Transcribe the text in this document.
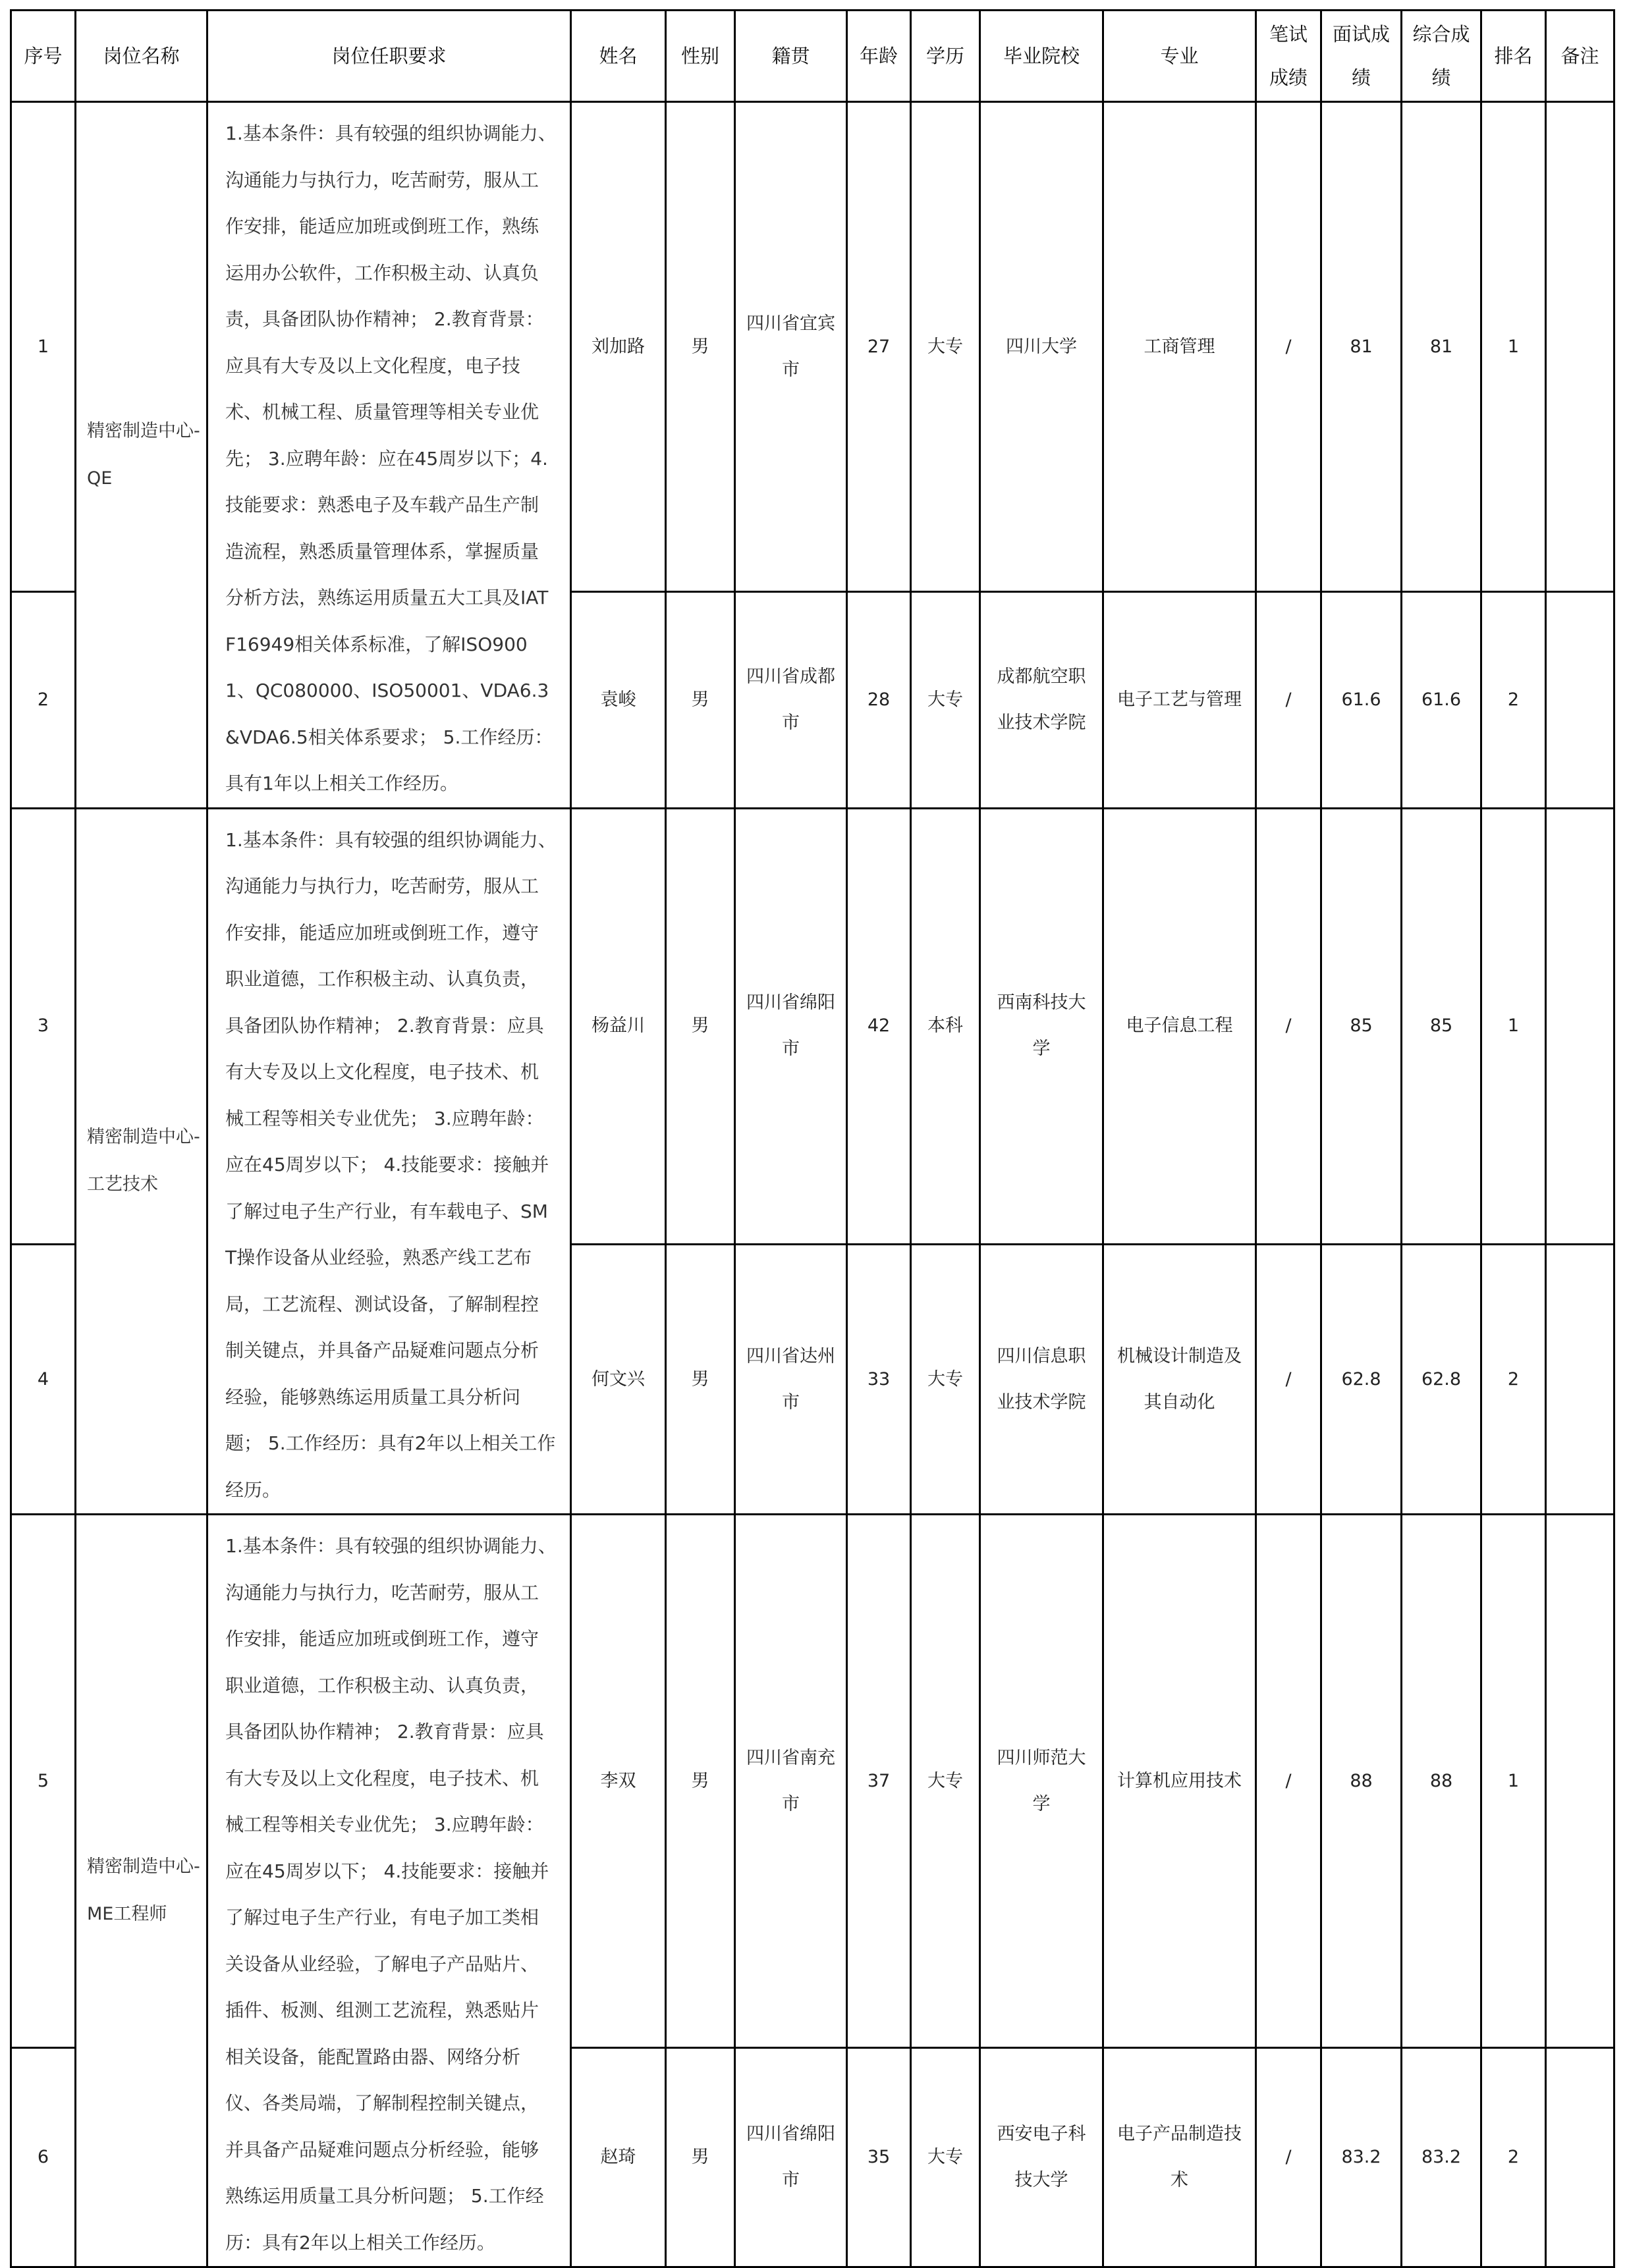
序号	岗位名称	岗位任职要求	姓名	性别	籍贯	年龄	学历	毕业院校	专业	笔试成绩	面试成绩	综合成绩	排名	备注
1	精密制造中心-QE	1.基本条件：具有较强的组织协调能力、沟通能力与执行力，吃苦耐劳，服从工作安排，能适应加班或倒班工作，熟练运用办公软件，工作积极主动、认真负责，具备团队协作精神； 2.教育背景：应具有大专及以上文化程度，电子技术、机械工程、质量管理等相关专业优先； 3.应聘年龄：应在45周岁以下；4.技能要求：熟悉电子及车载产品生产制造流程，熟悉质量管理体系，掌握质量分析方法，熟练运用质量五大工具及IATF16949相关体系标准，了解ISO9001、QC080000、ISO50001、VDA6.3&VDA6.5相关体系要求； 5.工作经历：具有1年以上相关工作经历。	刘加路	男	四川省宜宾市	27	大专	四川大学	工商管理	/	81	81	1	
2			袁峻	男	四川省成都市	28	大专	成都航空职业技术学院	电子工艺与管理	/	61.6	61.6	2	
3	精密制造中心-工艺技术	1.基本条件：具有较强的组织协调能力、沟通能力与执行力，吃苦耐劳，服从工作安排，能适应加班或倒班工作，遵守职业道德，工作积极主动、认真负责，具备团队协作精神； 2.教育背景：应具有大专及以上文化程度，电子技术、机械工程等相关专业优先； 3.应聘年龄：应在45周岁以下； 4.技能要求：接触并了解过电子生产行业，有车载电子、SMT操作设备从业经验，熟悉产线工艺布局，工艺流程、测试设备，了解制程控制关键点，并具备产品疑难问题点分析经验，能够熟练运用质量工具分析问题； 5.工作经历：具有2年以上相关工作经历。	杨益川	男	四川省绵阳市	42	本科	西南科技大学	电子信息工程	/	85	85	1	
4			何文兴	男	四川省达州市	33	大专	四川信息职业技术学院	机械设计制造及其自动化	/	62.8	62.8	2	
5	精密制造中心-ME工程师	1.基本条件：具有较强的组织协调能力、沟通能力与执行力，吃苦耐劳，服从工作安排，能适应加班或倒班工作，遵守职业道德，工作积极主动、认真负责，具备团队协作精神； 2.教育背景：应具有大专及以上文化程度，电子技术、机械工程等相关专业优先； 3.应聘年龄：应在45周岁以下； 4.技能要求：接触并了解过电子生产行业，有电子加工类相关设备从业经验，了解电子产品贴片、插件、板测、组测工艺流程，熟悉贴片相关设备，能配置路由器、网络分析仪、各类局端，了解制程控制关键点，并具备产品疑难问题点分析经验，能够熟练运用质量工具分析问题； 5.工作经历：具有2年以上相关工作经历。	李双	男	四川省南充市	37	大专	四川师范大学	计算机应用技术	/	88	88	1	
6			赵琦	男	四川省绵阳市	35	大专	西安电子科技大学	电子产品制造技术	/	83.2	83.2	2	
